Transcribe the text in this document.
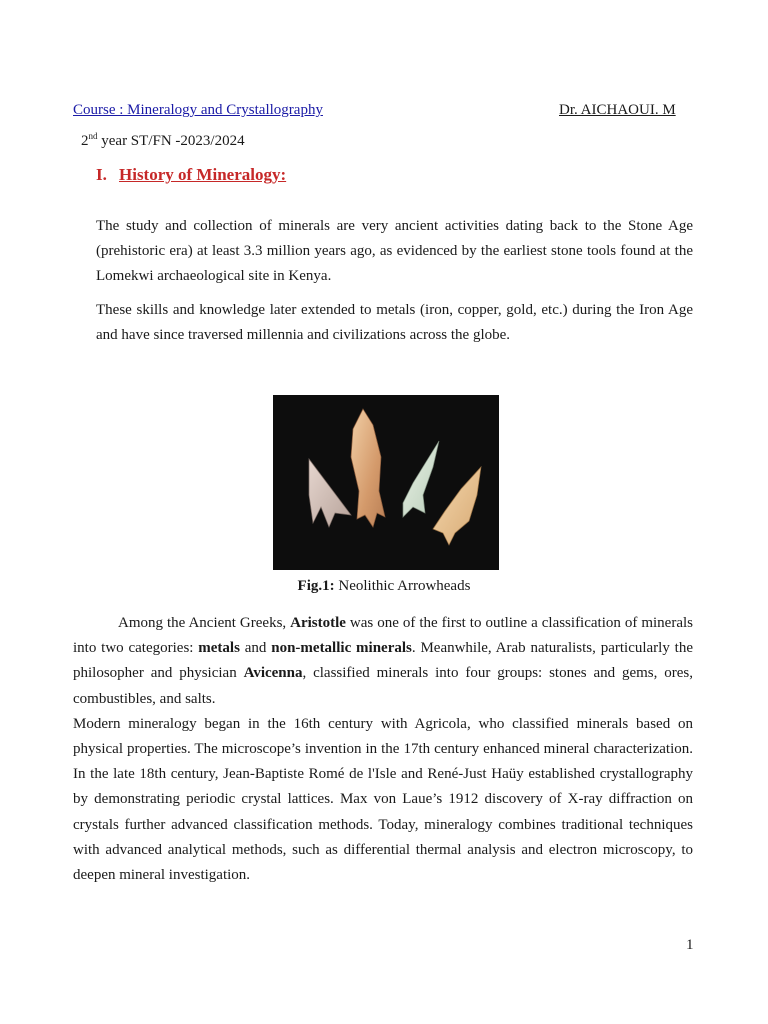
Course : Mineralogy and Crystallography	Dr. AICHAOUI. M
2nd year ST/FN -2023/2024
I. History of Mineralogy:

The study and collection of minerals are very ancient activities dating back to the Stone Age (prehistoric era) at least 3.3 million years ago, as evidenced by the earliest stone tools found at the Lomekwi archaeological site in Kenya.

These skills and knowledge later extended to metals (iron, copper, gold, etc.) during the Iron Age and have since traversed millennia and civilizations across the globe.

Fig.1: Neolithic Arrowheads
Among the Ancient Greeks, Aristotle was one of the first to outline a classification of minerals into two categories: metals and non-metallic minerals. Meanwhile, Arab naturalists, particularly the philosopher and physician Avicenna, classified minerals into four groups: stones and gems, ores, combustibles, and salts.
Modern mineralogy began in the 16th century with Agricola, who classified minerals based on physical properties. The microscope’s invention in the 17th century enhanced mineral characterization. In the late 18th century, Jean-Baptiste Romé de l'Isle and René-Just Haüy established crystallography by demonstrating periodic crystal lattices. Max von Laue’s 1912 discovery of X-ray diffraction on crystals further advanced classification methods. Today, mineralogy combines traditional techniques with advanced analytical methods, such as differential thermal analysis and electron microscopy, to deepen mineral investigation.
1
